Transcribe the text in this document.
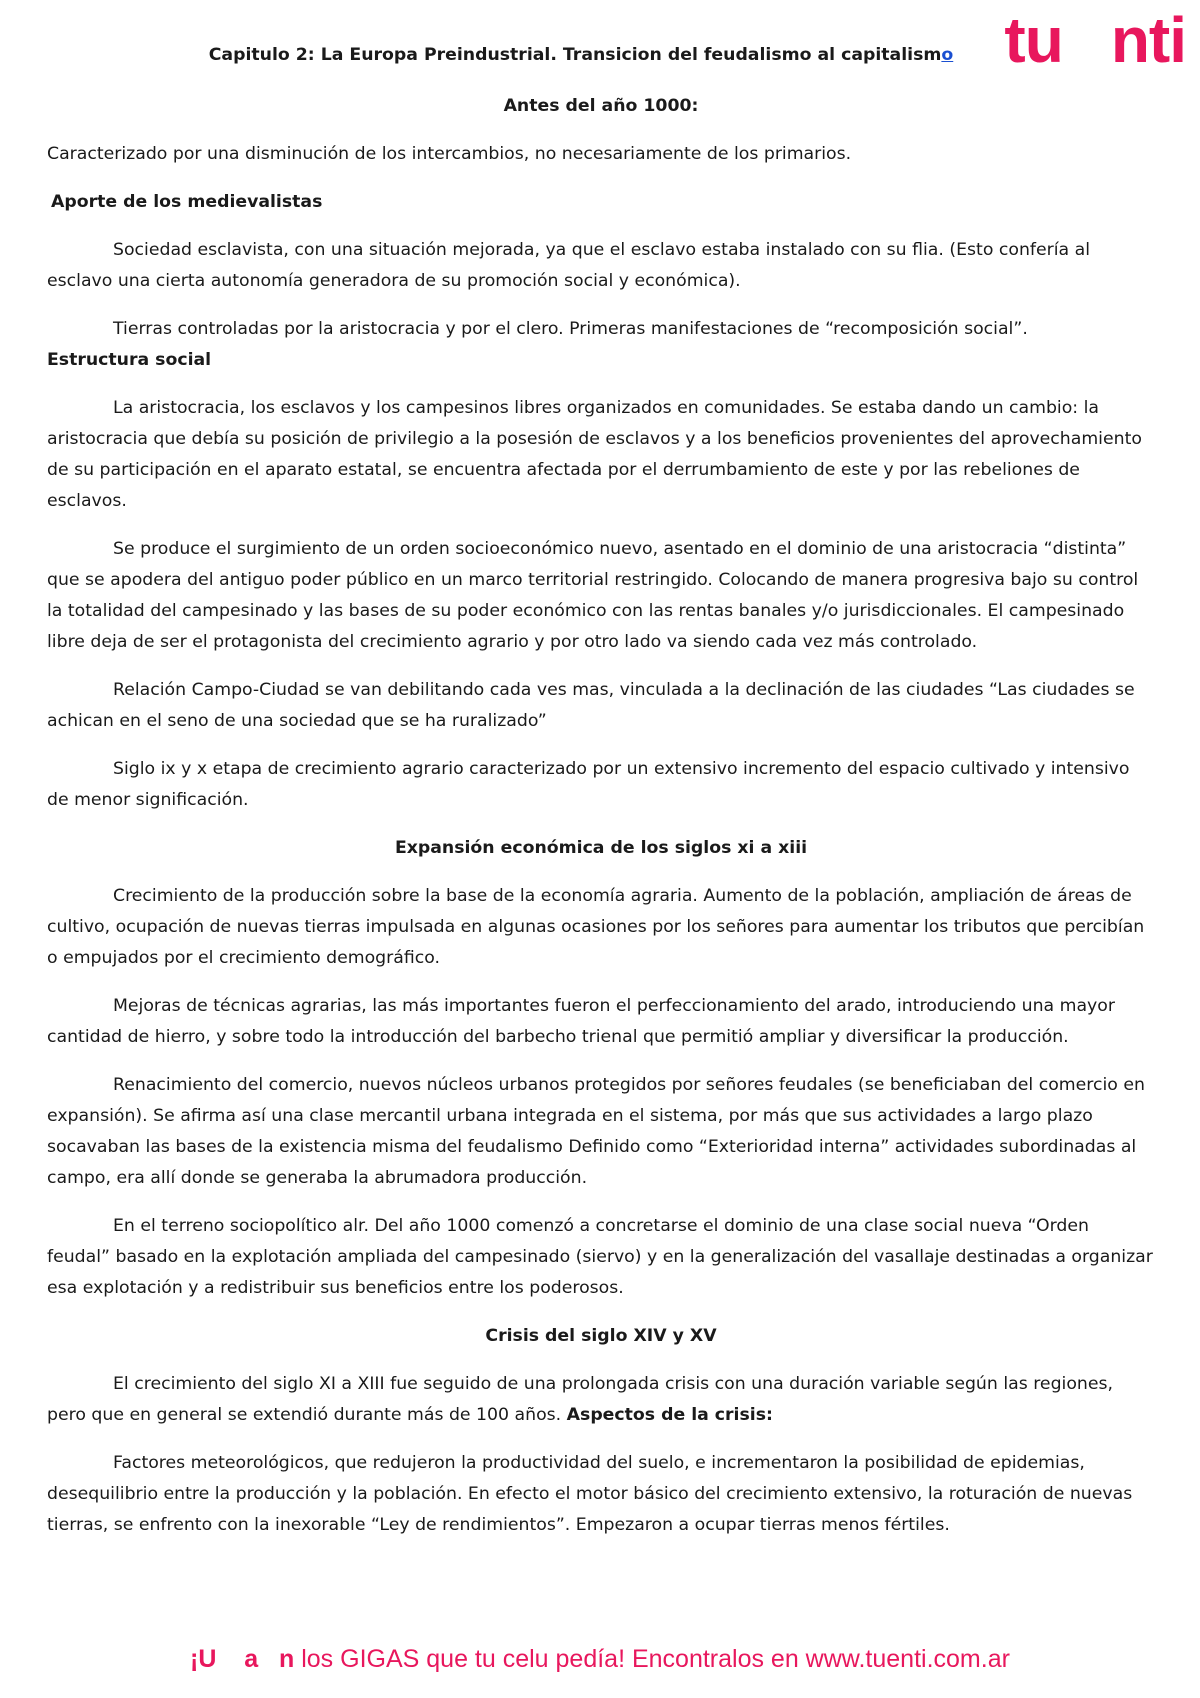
tu nti
Capitulo 2: La Europa Preindustrial. Transicion del feudalismo al capitalismo
Antes del año 1000:

Caracterizado por una disminución de los intercambios, no necesariamente de los primarios.

Aporte de los medievalistas

Sociedad esclavista, con una situación mejorada, ya que el esclavo estaba instalado con su flia. (Esto confería al esclavo una cierta autonomía generadora de su promoción social y económica).

Tierras controladas por la aristocracia y por el clero. Primeras manifestaciones de “recomposición social”.

Estructura social

La aristocracia, los esclavos y los campesinos libres organizados en comunidades. Se estaba dando un cambio: la aristocracia que debía su posición de privilegio a la posesión de esclavos y a los beneficios provenientes del aprovechamiento de su participación en el aparato estatal, se encuentra afectada por el derrumbamiento de este y por las rebeliones de esclavos.

Se produce el surgimiento de un orden socioeconómico nuevo, asentado en el dominio de una aristocracia “distinta” que se apodera del antiguo poder público en un marco territorial restringido. Colocando de manera progresiva bajo su control la totalidad del campesinado y las bases de su poder económico con las rentas banales y/o jurisdiccionales. El campesinado libre deja de ser el protagonista del crecimiento agrario y por otro lado va siendo cada vez más controlado.

Relación Campo-Ciudad se van debilitando cada ves mas, vinculada a la declinación de las ciudades “Las ciudades se achican en el seno de una sociedad que se ha ruralizado”

Siglo ix y x etapa de crecimiento agrario caracterizado por un extensivo incremento del espacio cultivado y intensivo de menor significación.

Expansión económica de los siglos xi a xiii

Crecimiento de la producción sobre la base de la economía agraria. Aumento de la población, ampliación de áreas de cultivo, ocupación de nuevas tierras impulsada en algunas ocasiones por los señores para aumentar los tributos que percibían o empujados por el crecimiento demográfico.

Mejoras de técnicas agrarias, las más importantes fueron el perfeccionamiento del arado, introduciendo una mayor cantidad de hierro, y sobre todo la introducción del barbecho trienal que permitió ampliar y diversificar la producción.

Renacimiento del comercio, nuevos núcleos urbanos protegidos por señores feudales (se beneficiaban del comercio en expansión). Se afirma así una clase mercantil urbana integrada en el sistema, por más que sus actividades a largo plazo socavaban las bases de la existencia misma del feudalismo Definido como “Exterioridad interna” actividades subordinadas al campo, era allí donde se generaba la abrumadora producción.

En el terreno sociopolítico alr. Del año 1000 comenzó a concretarse el dominio de una clase social nueva “Orden feudal” basado en la explotación ampliada del campesinado (siervo) y en la generalización del vasallaje destinadas a organizar esa explotación y a redistribuir sus beneficios entre los poderosos.

Crisis del siglo XIV y XV

El crecimiento del siglo XI a XIII fue seguido de una prolongada crisis con una duración variable según las regiones, pero que en general se extendió durante más de 100 años. Aspectos de la crisis:

Factores meteorológicos, que redujeron la productividad del suelo, e incrementaron la posibilidad de epidemias, desequilibrio entre la producción y la población. En efecto el motor básico del crecimiento extensivo, la roturación de nuevas tierras, se enfrento con la inexorable “Ley de rendimientos”. Empezaron a ocupar tierras menos fértiles.

¡U a n los GIGAS que tu celu pedía! Encontralos en www.tuenti.com.ar
